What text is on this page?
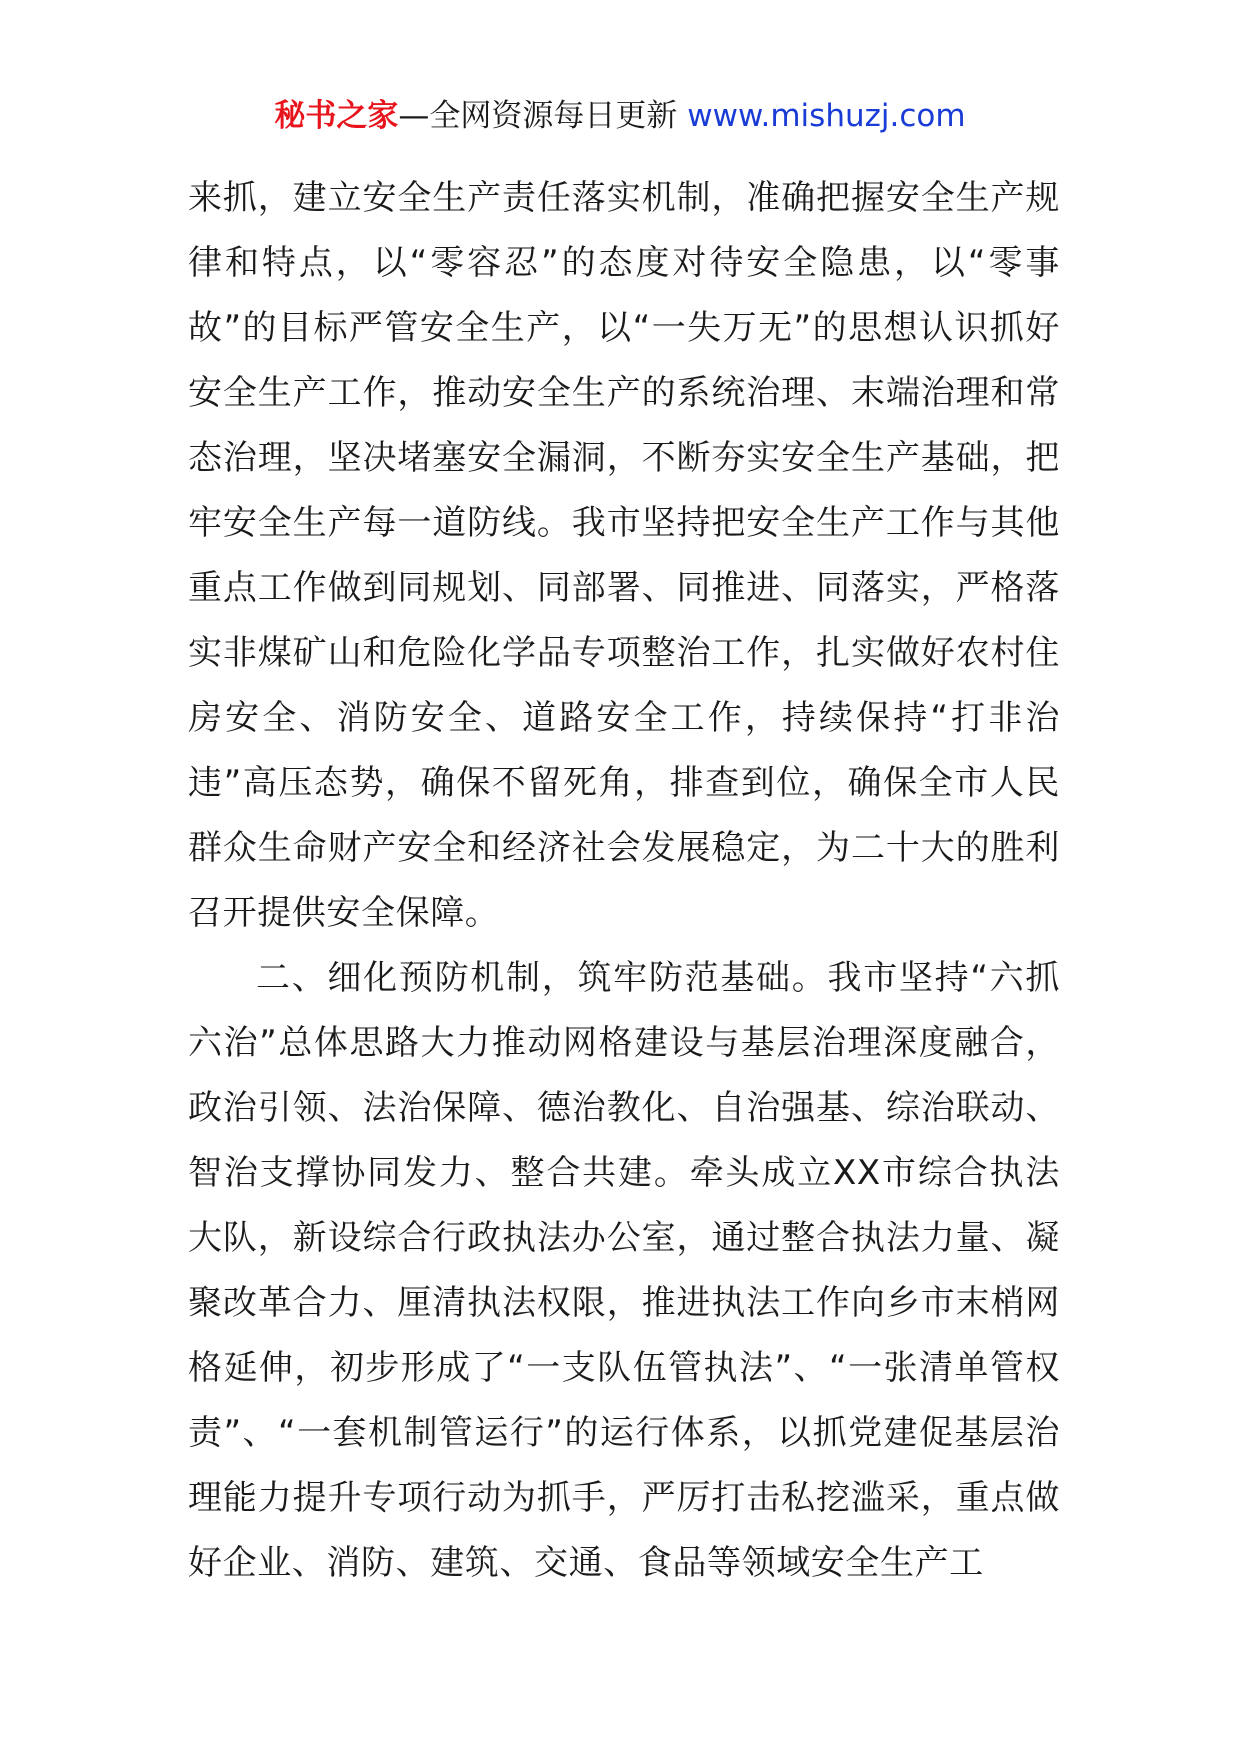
秘书之家—全网资源每日更新 www.mishuzj.com

来抓，建立安全生产责任落实机制，准确把握安全生产规律和特点，以“零容忍”的态度对待安全隐患，以“零事故”的目标严管安全生产，以“一失万无”的思想认识抓好安全生产工作，推动安全生产的系统治理、末端治理和常态治理，坚决堵塞安全漏洞，不断夯实安全生产基础，把牢安全生产每一道防线。我市坚持把安全生产工作与其他重点工作做到同规划、同部署、同推进、同落实，严格落实非煤矿山和危险化学品专项整治工作，扎实做好农村住房安全、消防安全、道路安全工作，持续保持“打非治违”高压态势，确保不留死角，排查到位，确保全市人民群众生命财产安全和经济社会发展稳定，为二十大的胜利召开提供安全保障。

二、细化预防机制，筑牢防范基础。我市坚持“六抓六治”总体思路大力推动网格建设与基层治理深度融合，政治引领、法治保障、德治教化、自治强基、综治联动、智治支撑协同发力、整合共建。牵头成立XX市综合执法大队，新设综合行政执法办公室，通过整合执法力量、凝聚改革合力、厘清执法权限，推进执法工作向乡市末梢网格延伸，初步形成了“一支队伍管执法”、“一张清单管权责”、“一套机制管运行”的运行体系，以抓党建促基层治理能力提升专项行动为抓手，严厉打击私挖滥采，重点做好企业、消防、建筑、交通、食品等领域安全生产工
